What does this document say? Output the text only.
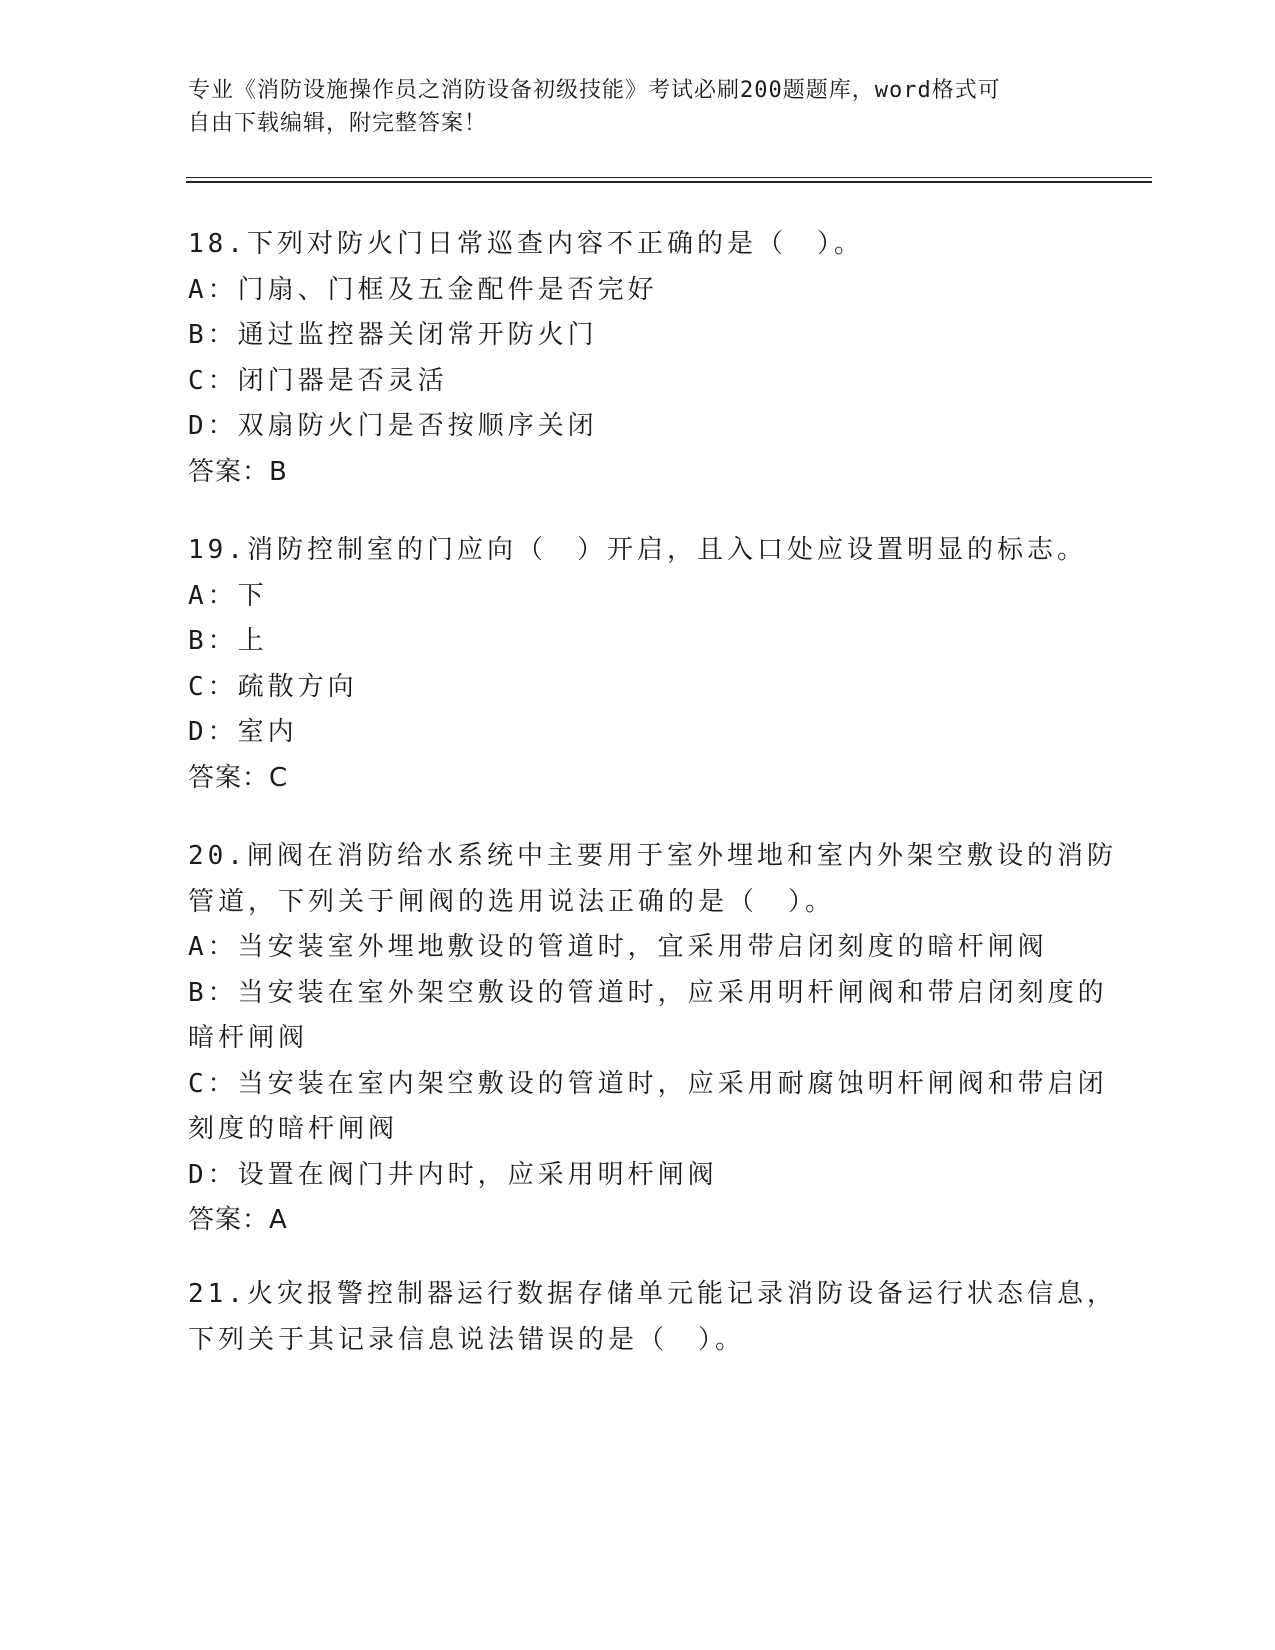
专业《消防设施操作员之消防设备初级技能》考试必刷200题题库，word格式可
自由下载编辑，附完整答案！
18.下列对防火门日常巡查内容不正确的是（　）。
A：门扇、门框及五金配件是否完好
B：通过监控器关闭常开防火门
C：闭门器是否灵活
D：双扇防火门是否按顺序关闭
答案：B
19.消防控制室的门应向（　）开启，且入口处应设置明显的标志。
A：下
B：上
C：疏散方向
D：室内
答案：C
20.闸阀在消防给水系统中主要用于室外埋地和室内外架空敷设的消防
管道，下列关于闸阀的选用说法正确的是（　）。
A：当安装室外埋地敷设的管道时，宜采用带启闭刻度的暗杆闸阀
B：当安装在室外架空敷设的管道时，应采用明杆闸阀和带启闭刻度的
暗杆闸阀
C：当安装在室内架空敷设的管道时，应采用耐腐蚀明杆闸阀和带启闭
刻度的暗杆闸阀
D：设置在阀门井内时，应采用明杆闸阀
答案：A
21.火灾报警控制器运行数据存储单元能记录消防设备运行状态信息，
下列关于其记录信息说法错误的是（　）。
